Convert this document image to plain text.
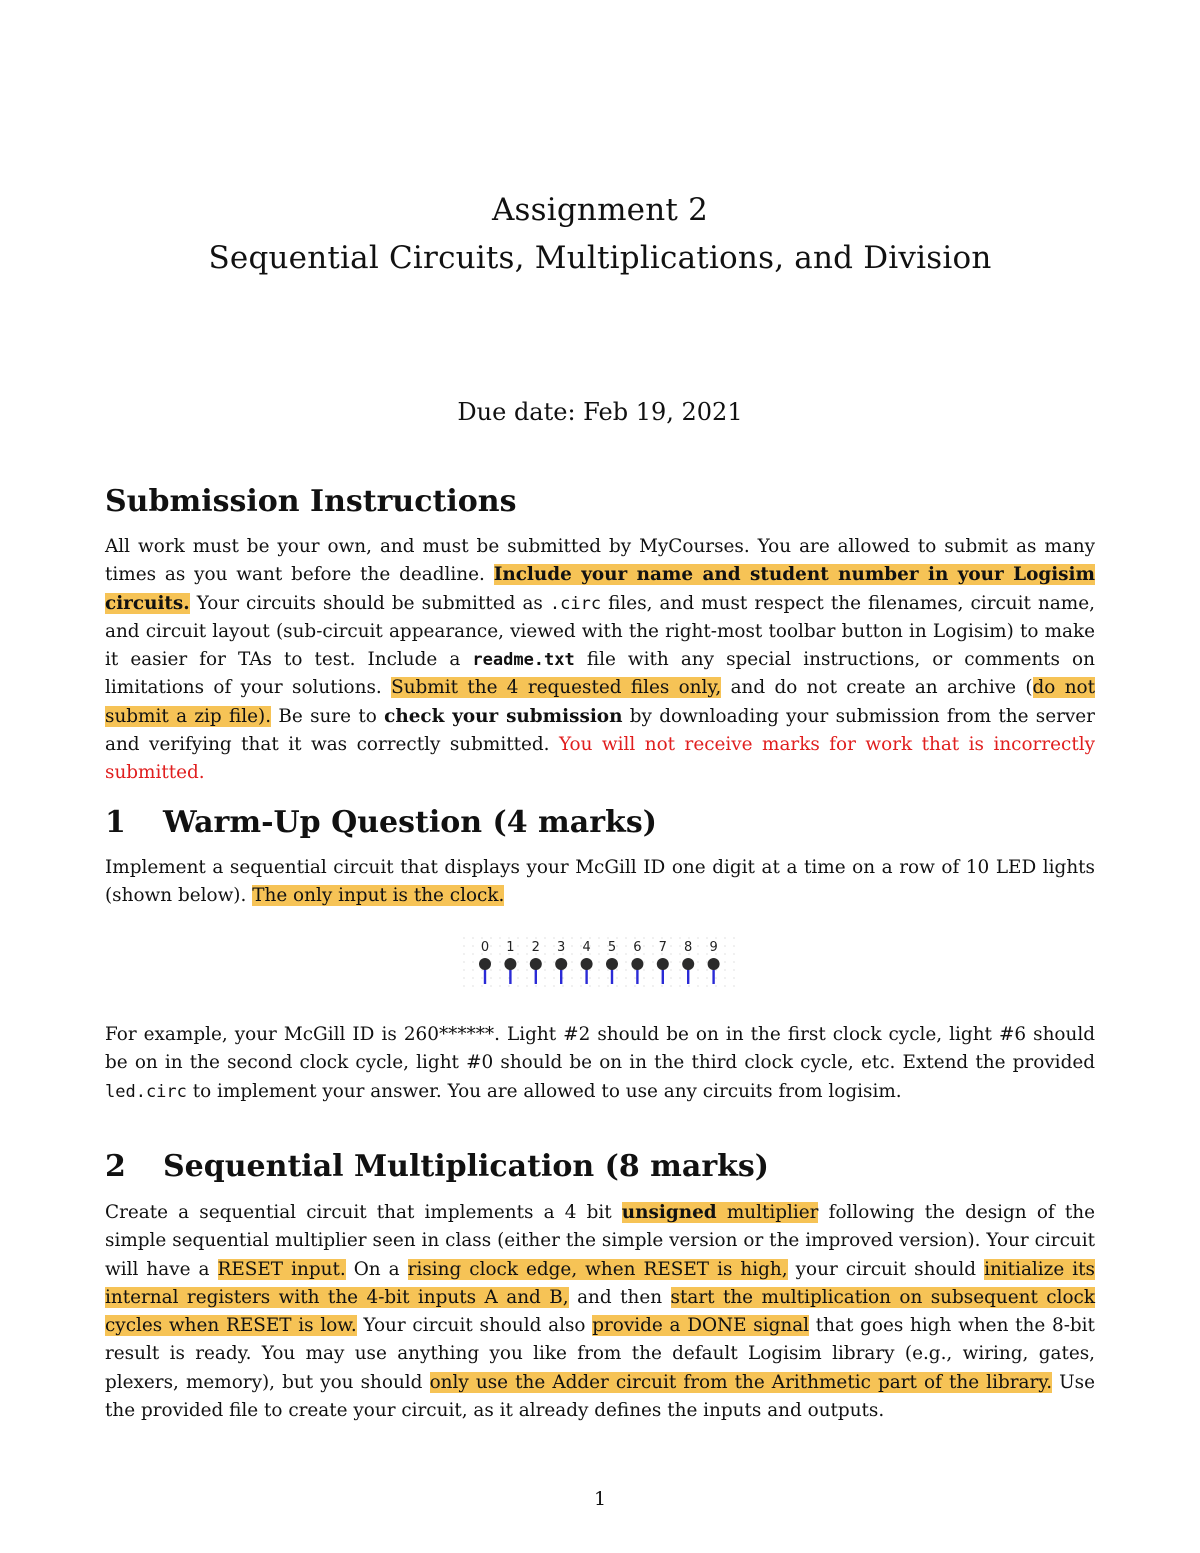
Assignment 2
Sequential Circuits, Multiplications, and Division
Due date: Feb 19, 2021
Submission Instructions

All work must be your own, and must be submitted by MyCourses. You are allowed to submit as many times as you want before the deadline. Include your name and student number in your Logisim circuits. Your circuits should be submitted as .circ files, and must respect the filenames, circuit name, and circuit layout (sub-circuit appearance, viewed with the right-most toolbar button in Logisim) to make it easier for TAs to test. Include a readme.txt file with any special instructions, or comments on limitations of your solutions. Submit the 4 requested files only, and do not create an archive (do not submit a zip file). Be sure to check your submission by downloading your submission from the server and verifying that it was correctly submitted. You will not receive marks for work that is incorrectly submitted.

1 Warm-Up Question (4 marks)

Implement a sequential circuit that displays your McGill ID one digit at a time on a row of 10 LED lights (shown below). The only input is the clock.

0 1 2 3 4 5 6 7 8 9

For example, your McGill ID is 260******. Light #2 should be on in the first clock cycle, light #6 should be on in the second clock cycle, light #0 should be on in the third clock cycle, etc. Extend the provided led.circ to implement your answer. You are allowed to use any circuits from logisim.

2 Sequential Multiplication (8 marks)

Create a sequential circuit that implements a 4 bit unsigned multiplier following the design of the simple sequential multiplier seen in class (either the simple version or the improved version). Your circuit will have a RESET input. On a rising clock edge, when RESET is high, your circuit should initialize its internal registers with the 4-bit inputs A and B, and then start the multiplication on subsequent clock cycles when RESET is low. Your circuit should also provide a DONE signal that goes high when the 8-bit result is ready. You may use anything you like from the default Logisim library (e.g., wiring, gates, plexers, memory), but you should only use the Adder circuit from the Arithmetic part of the library. Use the provided file to create your circuit, as it already defines the inputs and outputs.

1
